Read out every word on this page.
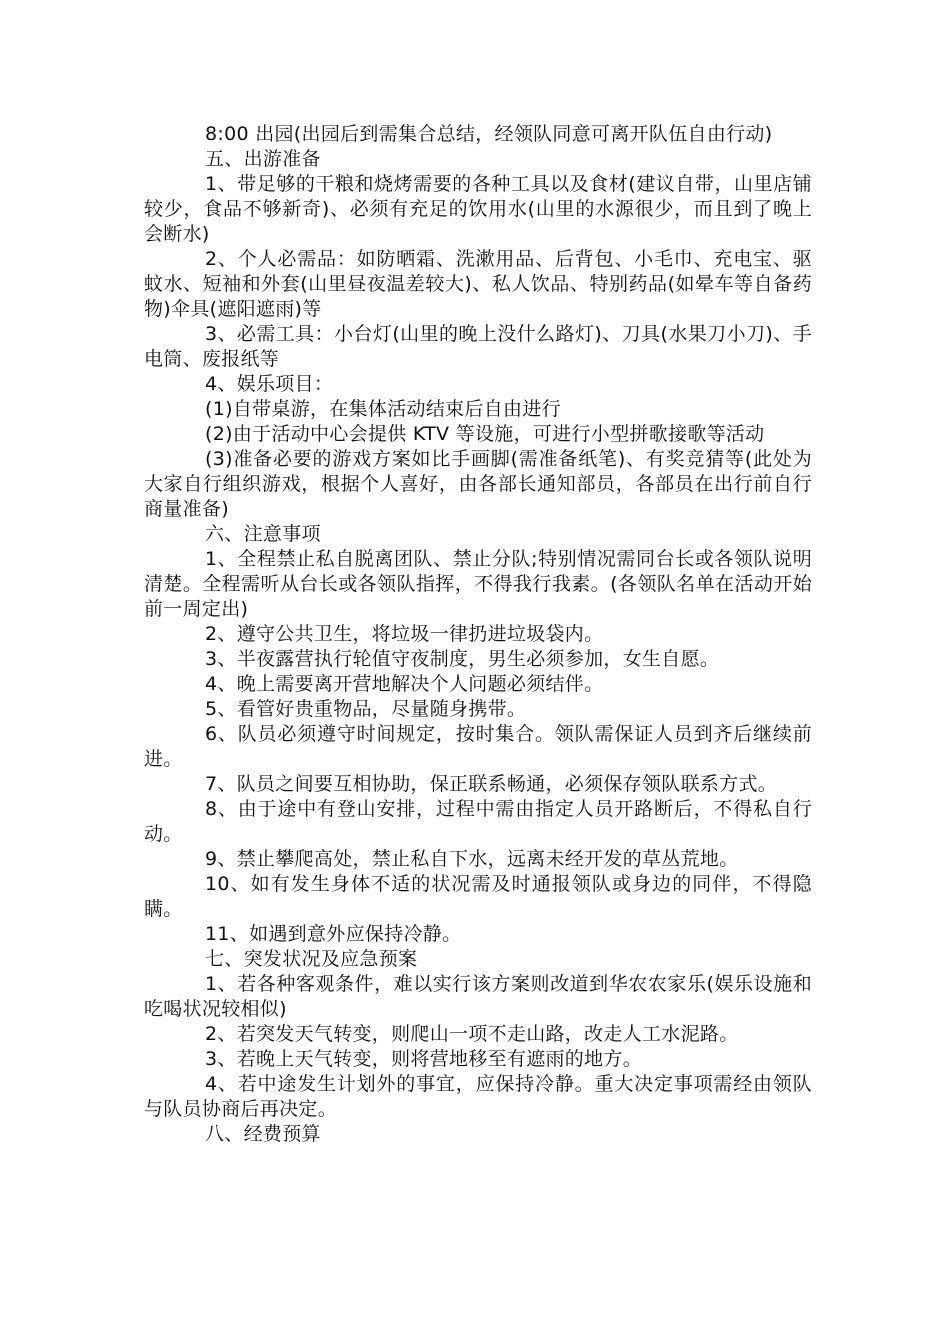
8:00 出园(出园后到需集合总结，经领队同意可离开队伍自由行动)

五、出游准备

1、带足够的干粮和烧烤需要的各种工具以及食材(建议自带，山里店铺较少，食品不够新奇)、必须有充足的饮用水(山里的水源很少，而且到了晚上会断水)

2、个人必需品：如防晒霜、洗漱用品、后背包、小毛巾、充电宝、驱蚊水、短袖和外套(山里昼夜温差较大)、私人饮品、特别药品(如晕车等自备药物)伞具(遮阳遮雨)等

3、必需工具：小台灯(山里的晚上没什么路灯)、刀具(水果刀小刀)、手电筒、废报纸等

4、娱乐项目：

(1)自带桌游，在集体活动结束后自由进行

(2)由于活动中心会提供 KTV 等设施，可进行小型拼歌接歌等活动

(3)准备必要的游戏方案如比手画脚(需准备纸笔)、有奖竞猜等(此处为大家自行组织游戏，根据个人喜好，由各部长通知部员，各部员在出行前自行商量准备)

六、注意事项

1、全程禁止私自脱离团队、禁止分队;特别情况需同台长或各领队说明清楚。全程需听从台长或各领队指挥，不得我行我素。(各领队名单在活动开始前一周定出)

2、遵守公共卫生，将垃圾一律扔进垃圾袋内。

3、半夜露营执行轮值守夜制度，男生必须参加，女生自愿。

4、晚上需要离开营地解决个人问题必须结伴。

5、看管好贵重物品，尽量随身携带。

6、队员必须遵守时间规定，按时集合。领队需保证人员到齐后继续前进。

7、队员之间要互相协助，保正联系畅通，必须保存领队联系方式。

8、由于途中有登山安排，过程中需由指定人员开路断后，不得私自行动。

9、禁止攀爬高处，禁止私自下水，远离未经开发的草丛荒地。

10、如有发生身体不适的状况需及时通报领队或身边的同伴，不得隐瞒。

11、如遇到意外应保持冷静。

七、突发状况及应急预案

1、若各种客观条件，难以实行该方案则改道到华农农家乐(娱乐设施和吃喝状况较相似)

2、若突发天气转变，则爬山一项不走山路，改走人工水泥路。

3、若晚上天气转变，则将营地移至有遮雨的地方。

4、若中途发生计划外的事宜，应保持冷静。重大决定事项需经由领队与队员协商后再决定。

八、经费预算
